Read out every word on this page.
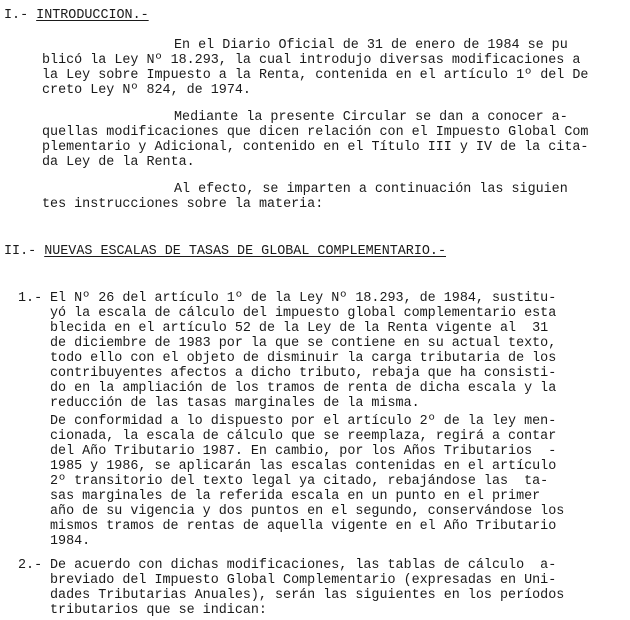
I.- INTRODUCCION.-
En el Diario Oficial de 31 de enero de 1984 se pu
blicó la Ley Nº 18.293, la cual introdujo diversas modificaciones a
la Ley sobre Impuesto a la Renta, contenida en el artículo 1º del De
creto Ley Nº 824, de 1974.
Mediante la presente Circular se dan a conocer a-
quellas modificaciones que dicen relación con el Impuesto Global Com
plementario y Adicional, contenido en el Título III y IV de la cita-
da Ley de la Renta.
Al efecto, se imparten a continuación las siguien
tes instrucciones sobre la materia:
II.- NUEVAS ESCALAS DE TASAS DE GLOBAL COMPLEMENTARIO.-
1.- El Nº 26 del artículo 1º de la Ley Nº 18.293, de 1984, sustitu-
yó la escala de cálculo del impuesto global complementario esta
blecida en el artículo 52 de la Ley de la Renta vigente al  31
de diciembre de 1983 por la que se contiene en su actual texto,
todo ello con el objeto de disminuir la carga tributaria de los
contribuyentes afectos a dicho tributo, rebaja que ha consisti-
do en la ampliación de los tramos de renta de dicha escala y la
reducción de las tasas marginales de la misma.
De conformidad a lo dispuesto por el artículo 2º de la ley men-
cionada, la escala de cálculo que se reemplaza, regirá a contar
del Año Tributario 1987. En cambio, por los Años Tributarios  -
1985 y 1986, se aplicarán las escalas contenidas en el artículo
2º transitorio del texto legal ya citado, rebajándose las  ta-
sas marginales de la referida escala en un punto en el primer
año de su vigencia y dos puntos en el segundo, conservándose los
mismos tramos de rentas de aquella vigente en el Año Tributario
1984.
2.- De acuerdo con dichas modificaciones, las tablas de cálculo  a-
breviado del Impuesto Global Complementario (expresadas en Uni-
dades Tributarias Anuales), serán las siguientes en los períodos
tributarios que se indican:
